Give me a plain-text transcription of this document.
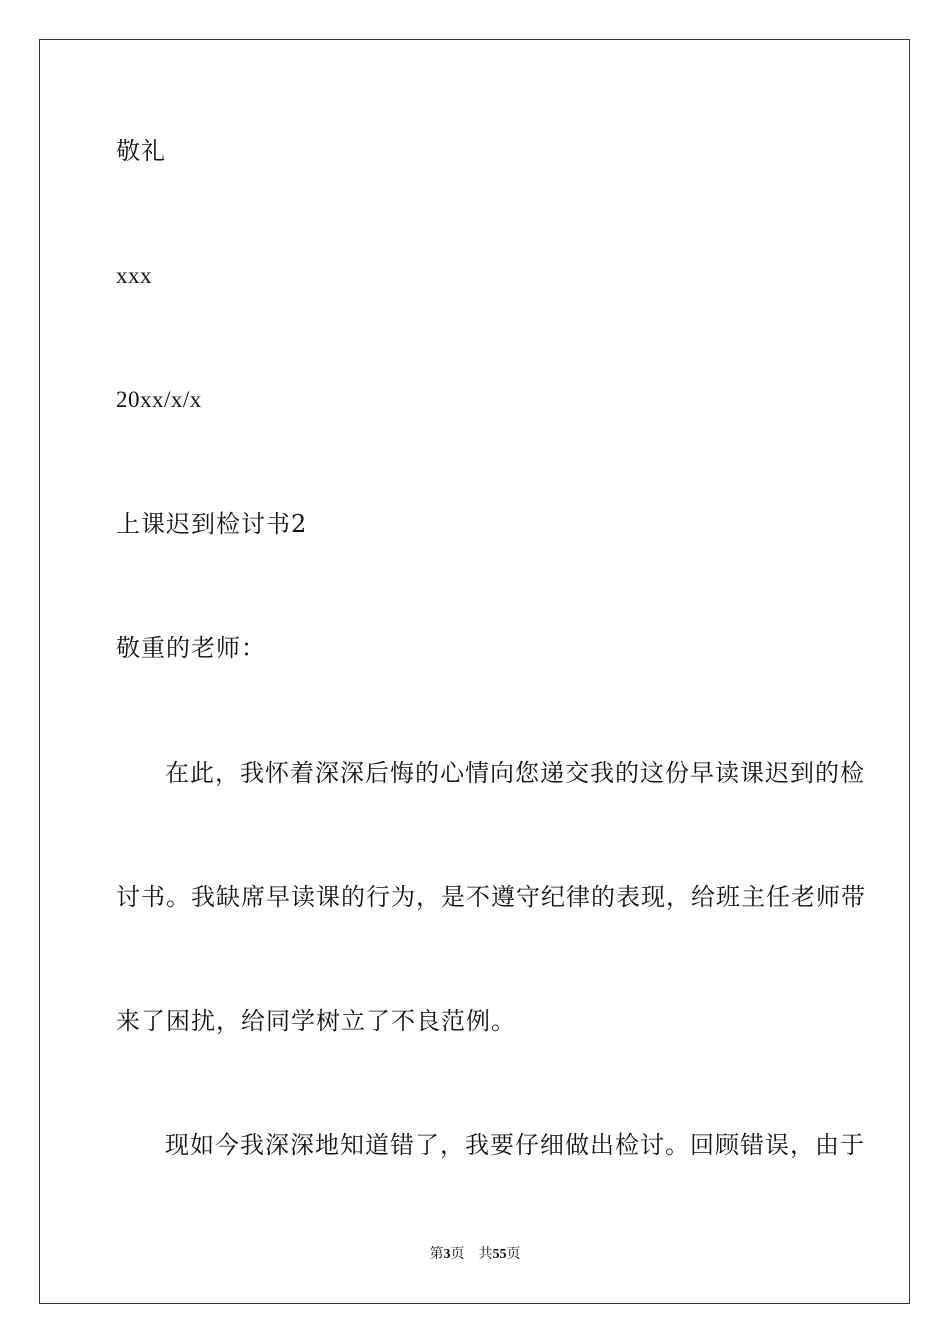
敬礼
xxx
20xx/x/x
上课迟到检讨书2
敬重的老师：
在此，我怀着深深后悔的心情向您递交我的这份早读课迟到的检
讨书。我缺席早读课的行为，是不遵守纪律的表现，给班主任老师带
来了困扰，给同学树立了不良范例。
现如今我深深地知道错了，我要仔细做出检讨。回顾错误，由于
第3页 共55页
